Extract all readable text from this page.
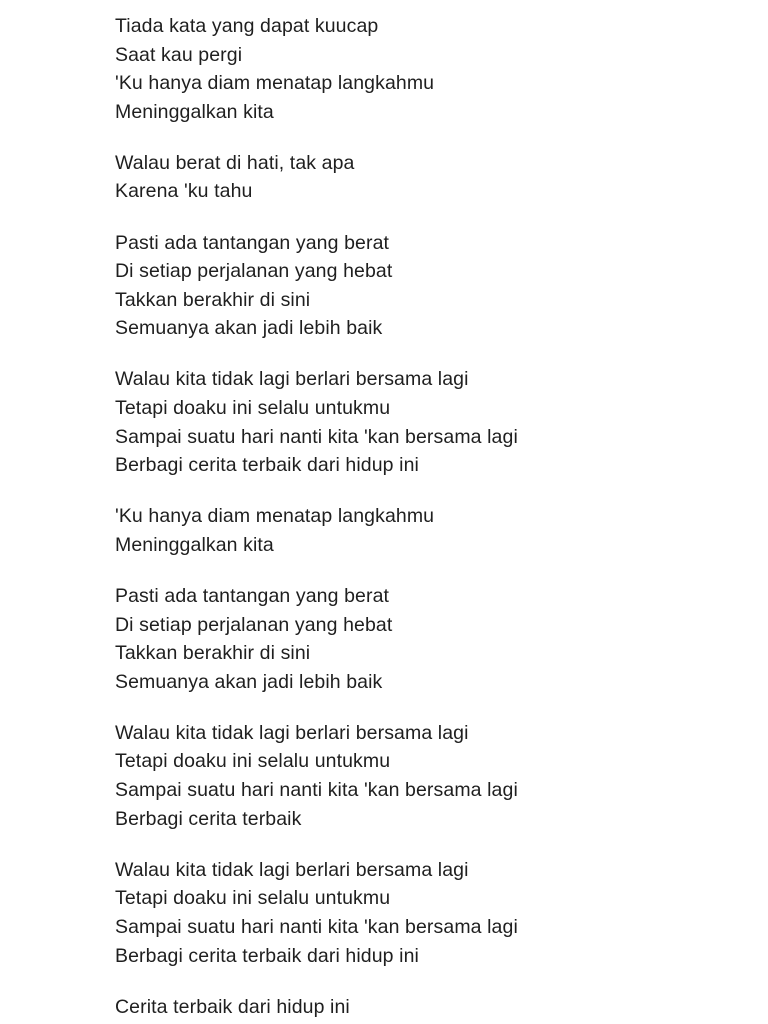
Tiada kata yang dapat kuucap
Saat kau pergi
'Ku hanya diam menatap langkahmu
Meninggalkan kita
Walau berat di hati, tak apa
Karena 'ku tahu
Pasti ada tantangan yang berat
Di setiap perjalanan yang hebat
Takkan berakhir di sini
Semuanya akan jadi lebih baik
Walau kita tidak lagi berlari bersama lagi
Tetapi doaku ini selalu untukmu
Sampai suatu hari nanti kita 'kan bersama lagi
Berbagi cerita terbaik dari hidup ini
'Ku hanya diam menatap langkahmu
Meninggalkan kita
Pasti ada tantangan yang berat
Di setiap perjalanan yang hebat
Takkan berakhir di sini
Semuanya akan jadi lebih baik
Walau kita tidak lagi berlari bersama lagi
Tetapi doaku ini selalu untukmu
Sampai suatu hari nanti kita 'kan bersama lagi
Berbagi cerita terbaik
Walau kita tidak lagi berlari bersama lagi
Tetapi doaku ini selalu untukmu
Sampai suatu hari nanti kita 'kan bersama lagi
Berbagi cerita terbaik dari hidup ini
Cerita terbaik dari hidup ini
